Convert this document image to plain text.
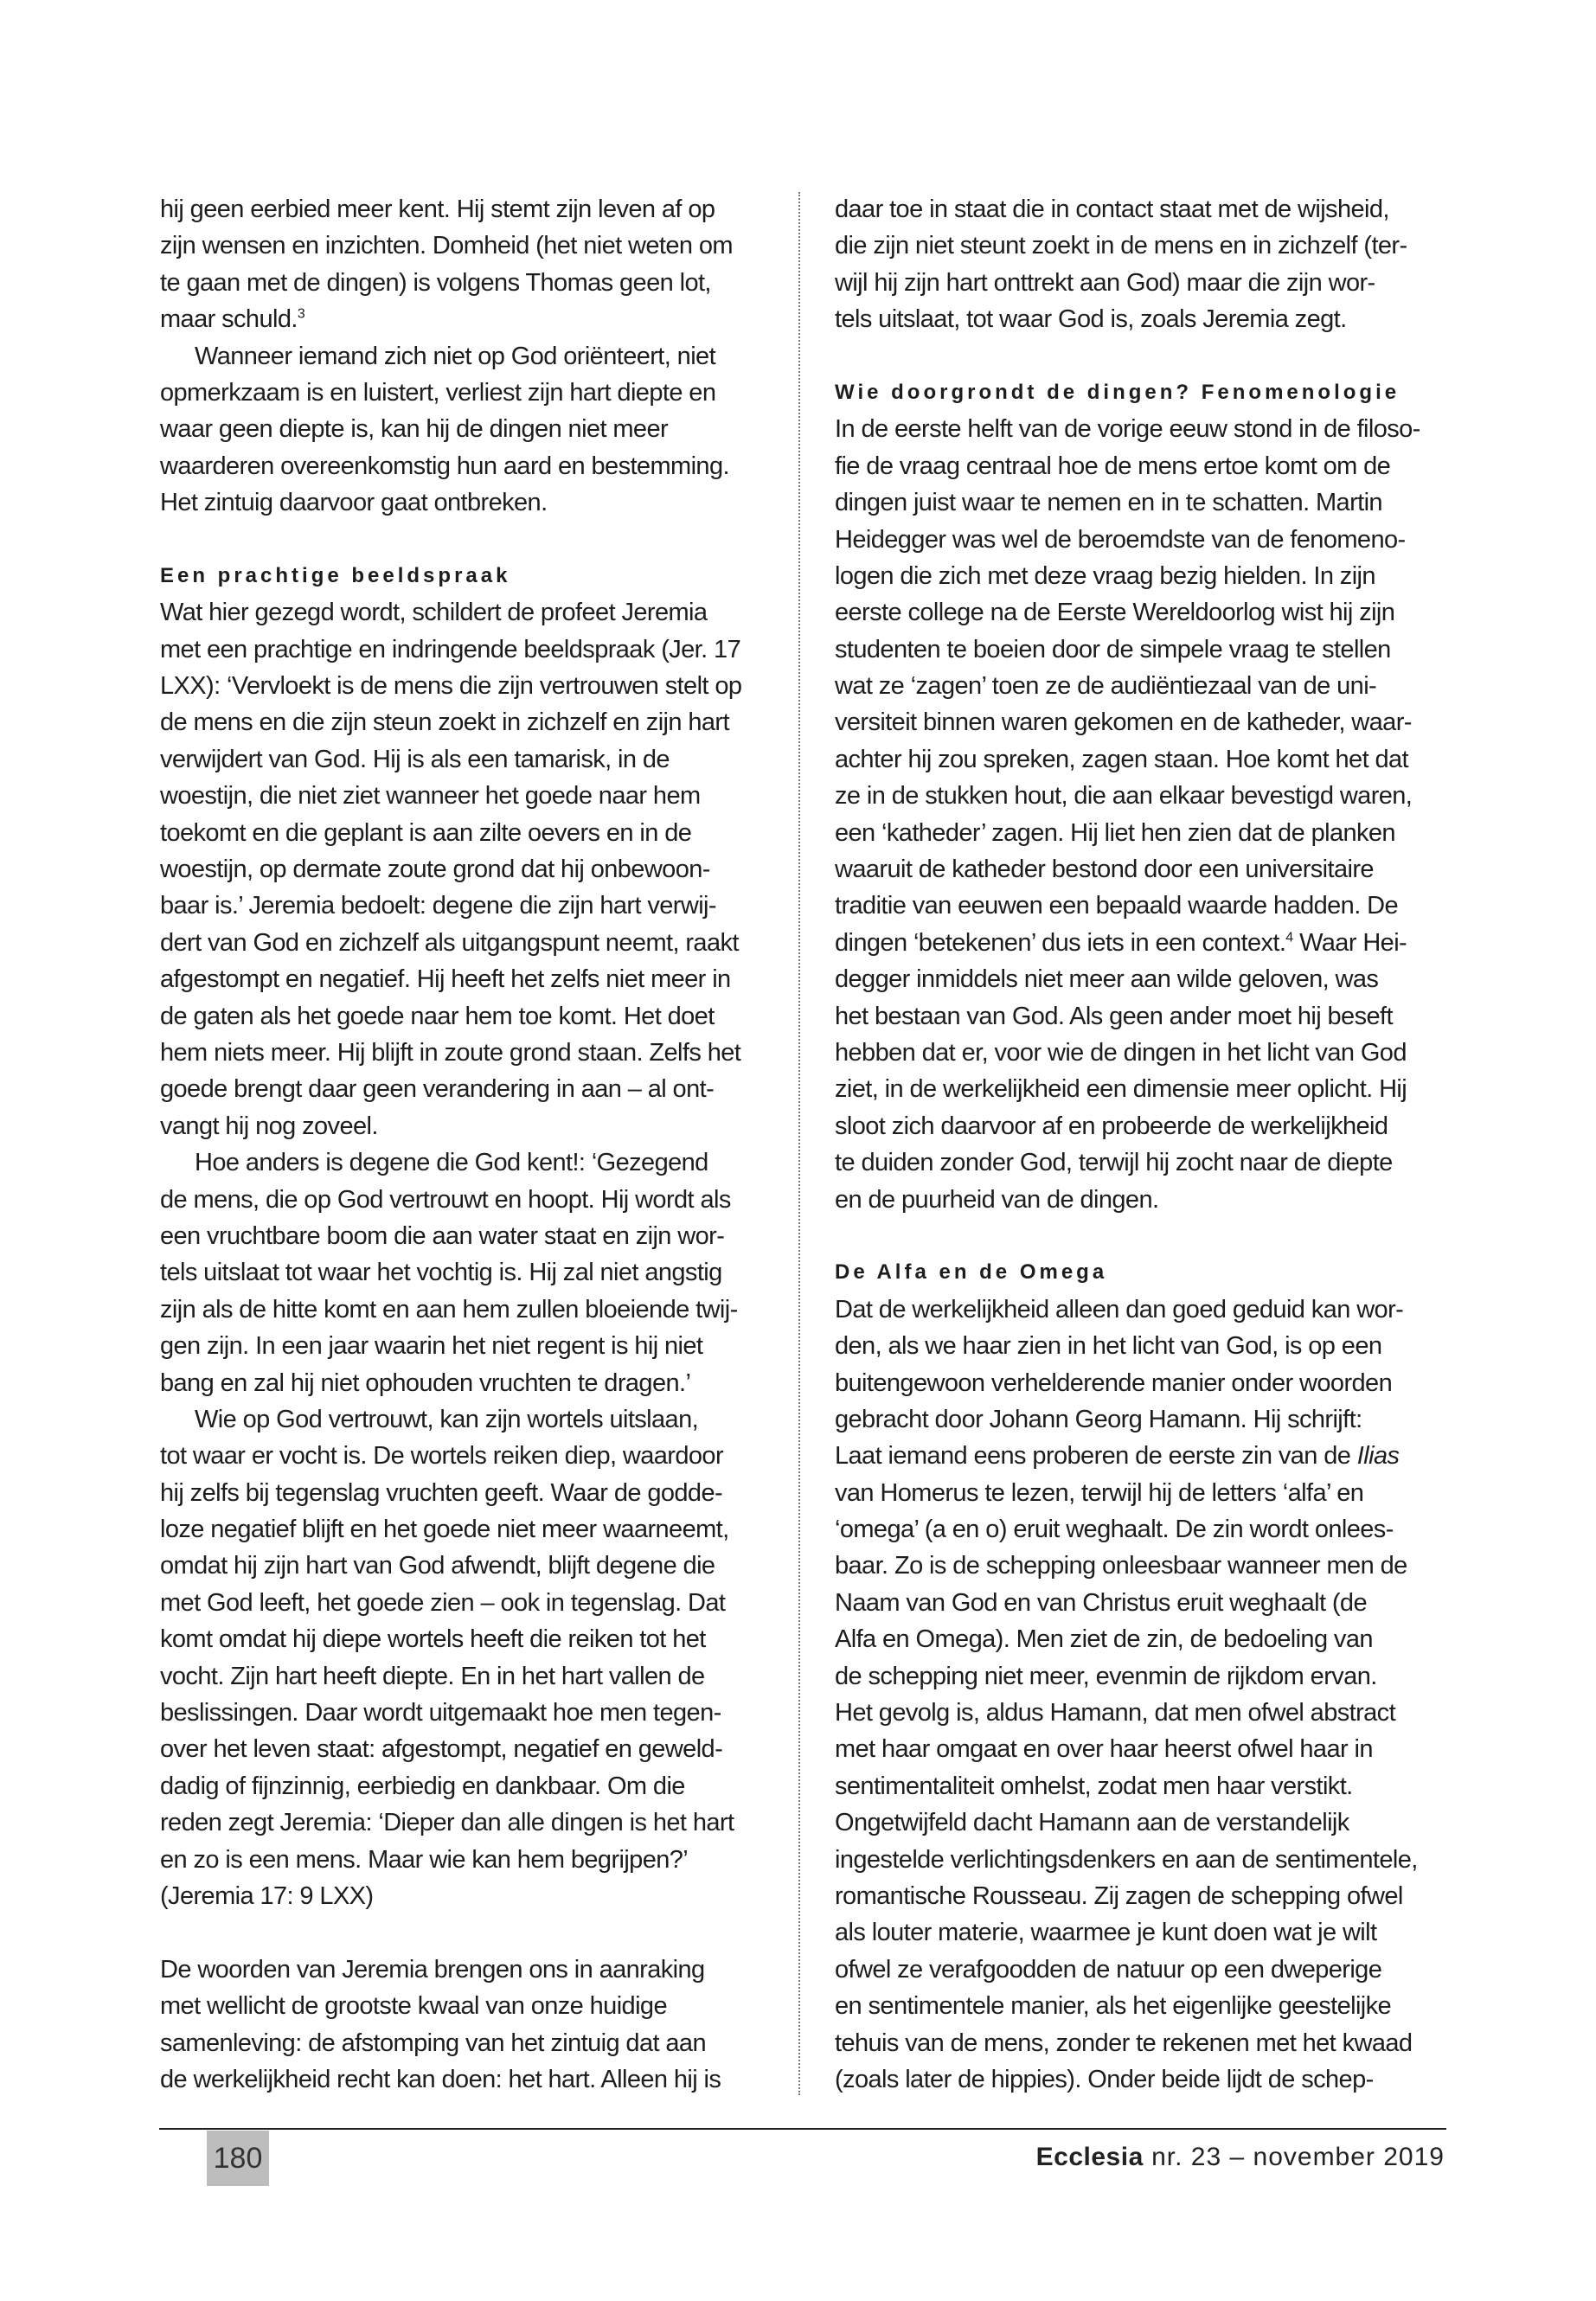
hij geen eerbied meer kent. Hij stemt zijn leven af op
zijn wensen en inzichten. Domheid (het niet weten om
te gaan met de dingen) is volgens Thomas geen lot,
maar schuld.$^3$
Wanneer iemand zich niet op God oriënteert, niet
opmerkzaam is en luistert, verliest zijn hart diepte en
waar geen diepte is, kan hij de dingen niet meer
waarderen overeenkomstig hun aard en bestemming.
Het zintuig daarvoor gaat ontbreken.
Een prachtige beeldspraak
Wat hier gezegd wordt, schildert de profeet Jeremia
met een prachtige en indringende beeldspraak (Jer. 17
LXX): ‘Vervloekt is de mens die zijn vertrouwen stelt op
de mens en die zijn steun zoekt in zichzelf en zijn hart
verwijdert van God. Hij is als een tamarisk, in de
woestijn, die niet ziet wanneer het goede naar hem
toekomt en die geplant is aan zilte oevers en in de
woestijn, op dermate zoute grond dat hij onbewoon-
baar is.’ Jeremia bedoelt: degene die zijn hart verwij-
dert van God en zichzelf als uitgangspunt neemt, raakt
afgestompt en negatief. Hij heeft het zelfs niet meer in
de gaten als het goede naar hem toe komt. Het doet
hem niets meer. Hij blijft in zoute grond staan. Zelfs het
goede brengt daar geen verandering in aan – al ont-
vangt hij nog zoveel.
Hoe anders is degene die God kent!: ‘Gezegend
de mens, die op God vertrouwt en hoopt. Hij wordt als
een vruchtbare boom die aan water staat en zijn wor-
tels uitslaat tot waar het vochtig is. Hij zal niet angstig
zijn als de hitte komt en aan hem zullen bloeiende twij-
gen zijn. In een jaar waarin het niet regent is hij niet
bang en zal hij niet ophouden vruchten te dragen.’
Wie op God vertrouwt, kan zijn wortels uitslaan,
tot waar er vocht is. De wortels reiken diep, waardoor
hij zelfs bij tegenslag vruchten geeft. Waar de godde-
loze negatief blijft en het goede niet meer waarneemt,
omdat hij zijn hart van God afwendt, blijft degene die
met God leeft, het goede zien – ook in tegenslag. Dat
komt omdat hij diepe wortels heeft die reiken tot het
vocht. Zijn hart heeft diepte. En in het hart vallen de
beslissingen. Daar wordt uitgemaakt hoe men tegen-
over het leven staat: afgestompt, negatief en geweld-
dadig of fijnzinnig, eerbiedig en dankbaar. Om die
reden zegt Jeremia: ‘Dieper dan alle dingen is het hart
en zo is een mens. Maar wie kan hem begrijpen?’
(Jeremia 17: 9 LXX)
De woorden van Jeremia brengen ons in aanraking
met wellicht de grootste kwaal van onze huidige
samenleving: de afstomping van het zintuig dat aan
de werkelijkheid recht kan doen: het hart. Alleen hij is
daar toe in staat die in contact staat met de wijsheid,
die zijn niet steunt zoekt in de mens en in zichzelf (ter-
wijl hij zijn hart onttrekt aan God) maar die zijn wor-
tels uitslaat, tot waar God is, zoals Jeremia zegt.
Wie doorgrondt de dingen? Fenomenologie
In de eerste helft van de vorige eeuw stond in de filoso-
fie de vraag centraal hoe de mens ertoe komt om de
dingen juist waar te nemen en in te schatten. Martin
Heidegger was wel de beroemdste van de fenomeno-
logen die zich met deze vraag bezig hielden. In zijn
eerste college na de Eerste Wereldoorlog wist hij zijn
studenten te boeien door de simpele vraag te stellen
wat ze ‘zagen’ toen ze de audiëntiezaal van de uni-
versiteit binnen waren gekomen en de katheder, waar-
achter hij zou spreken, zagen staan. Hoe komt het dat
ze in de stukken hout, die aan elkaar bevestigd waren,
een ‘katheder’ zagen. Hij liet hen zien dat de planken
waaruit de katheder bestond door een universitaire
traditie van eeuwen een bepaald waarde hadden. De
dingen ‘betekenen’ dus iets in een context.$^4$ Waar Hei-
degger inmiddels niet meer aan wilde geloven, was
het bestaan van God. Als geen ander moet hij beseft
hebben dat er, voor wie de dingen in het licht van God
ziet, in de werkelijkheid een dimensie meer oplicht. Hij
sloot zich daarvoor af en probeerde de werkelijkheid
te duiden zonder God, terwijl hij zocht naar de diepte
en de puurheid van de dingen.
De Alfa en de Omega
Dat de werkelijkheid alleen dan goed geduid kan wor-
den, als we haar zien in het licht van God, is op een
buitengewoon verhelderende manier onder woorden
gebracht door Johann Georg Hamann. Hij schrijft:
Laat iemand eens proberen de eerste zin van de Ilias
van Homerus te lezen, terwijl hij de letters ‘alfa’ en
‘omega’ (a en o) eruit weghaalt. De zin wordt onlees-
baar. Zo is de schepping onleesbaar wanneer men de
Naam van God en van Christus eruit weghaalt (de
Alfa en Omega). Men ziet de zin, de bedoeling van
de schepping niet meer, evenmin de rijkdom ervan.
Het gevolg is, aldus Hamann, dat men ofwel abstract
met haar omgaat en over haar heerst ofwel haar in
sentimentaliteit omhelst, zodat men haar verstikt.
Ongetwijfeld dacht Hamann aan de verstandelijk
ingestelde verlichtingsdenkers en aan de sentimentele,
romantische Rousseau. Zij zagen de schepping ofwel
als louter materie, waarmee je kunt doen wat je wilt
ofwel ze verafgoodden de natuur op een dweperige
en sentimentele manier, als het eigenlijke geestelijke
tehuis van de mens, zonder te rekenen met het kwaad
(zoals later de hippies). Onder beide lijdt de schep-
180	Ecclesia nr. 23 – november 2019
